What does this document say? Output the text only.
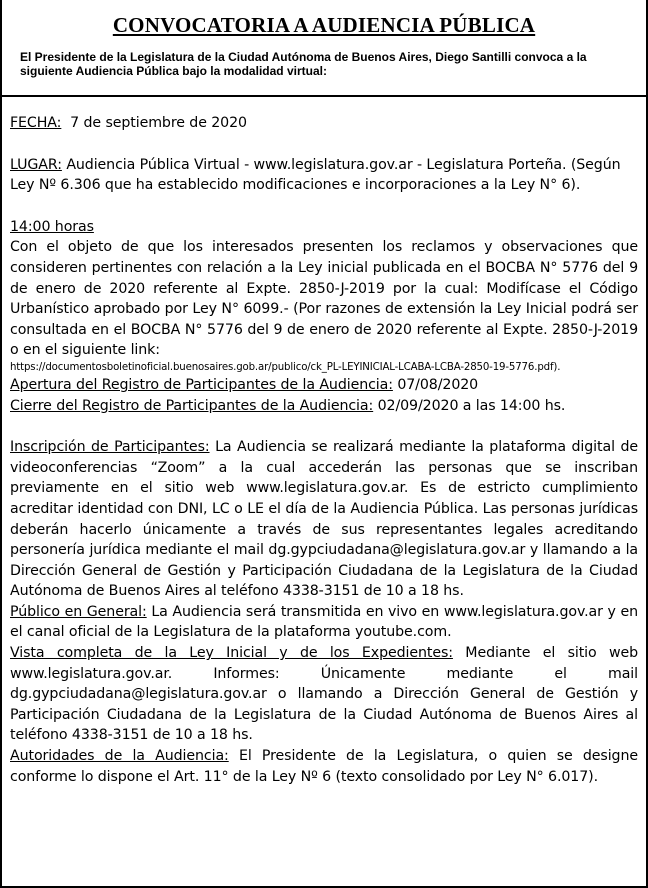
CONVOCATORIA A AUDIENCIA PÚBLICA

El Presidente de la Legislatura de la Ciudad Autónoma de Buenos Aires, Diego Santilli convoca a la siguiente Audiencia Pública bajo la modalidad virtual:

FECHA: 7 de septiembre de 2020

LUGAR: Audiencia Pública Virtual - www.legislatura.gov.ar - Legislatura Porteña. (Según Ley Nº 6.306 que ha establecido modificaciones e incorporaciones a la Ley N° 6).

14:00 horas

Con el objeto de que los interesados presenten los reclamos y observaciones que consideren pertinentes con relación a la Ley inicial publicada en el BOCBA N° 5776 del 9 de enero de 2020 referente al Expte. 2850-J-2019 por la cual: Modifícase el Código Urbanístico aprobado por Ley N° 6099.- (Por razones de extensión la Ley Inicial podrá ser consultada en el BOCBA N° 5776 del 9 de enero de 2020 referente al Expte. 2850-J-2019 o en el siguiente link:

https://documentosboletinoficial.buenosaires.gob.ar/publico/ck_PL-LEYINICIAL-LCABA-LCBA-2850-19-5776.pdf).

Apertura del Registro de Participantes de la Audiencia: 07/08/2020

Cierre del Registro de Participantes de la Audiencia: 02/09/2020 a las 14:00 hs.

Inscripción de Participantes: La Audiencia se realizará mediante la plataforma digital de videoconferencias “Zoom” a la cual accederán las personas que se inscriban previamente en el sitio web www.legislatura.gov.ar. Es de estricto cumplimiento acreditar identidad con DNI, LC o LE el día de la Audiencia Pública. Las personas jurídicas deberán hacerlo únicamente a través de sus representantes legales acreditando personería jurídica mediante el mail dg.gypciudadana@legislatura.gov.ar y llamando a la Dirección General de Gestión y Participación Ciudadana de la Legislatura de la Ciudad Autónoma de Buenos Aires al teléfono 4338-3151 de 10 a 18 hs.

Público en General: La Audiencia será transmitida en vivo en www.legislatura.gov.ar y en el canal oficial de la Legislatura de la plataforma youtube.com.

Vista completa de la Ley Inicial y de los Expedientes: Mediante el sitio web www.legislatura.gov.ar. Informes: Únicamente mediante el mail dg.gypciudadana@legislatura.gov.ar o llamando a Dirección General de Gestión y Participación Ciudadana de la Legislatura de la Ciudad Autónoma de Buenos Aires al teléfono 4338-3151 de 10 a 18 hs.

Autoridades de la Audiencia: El Presidente de la Legislatura, o quien se designe conforme lo dispone el Art. 11° de la Ley Nº 6 (texto consolidado por Ley N° 6.017).
